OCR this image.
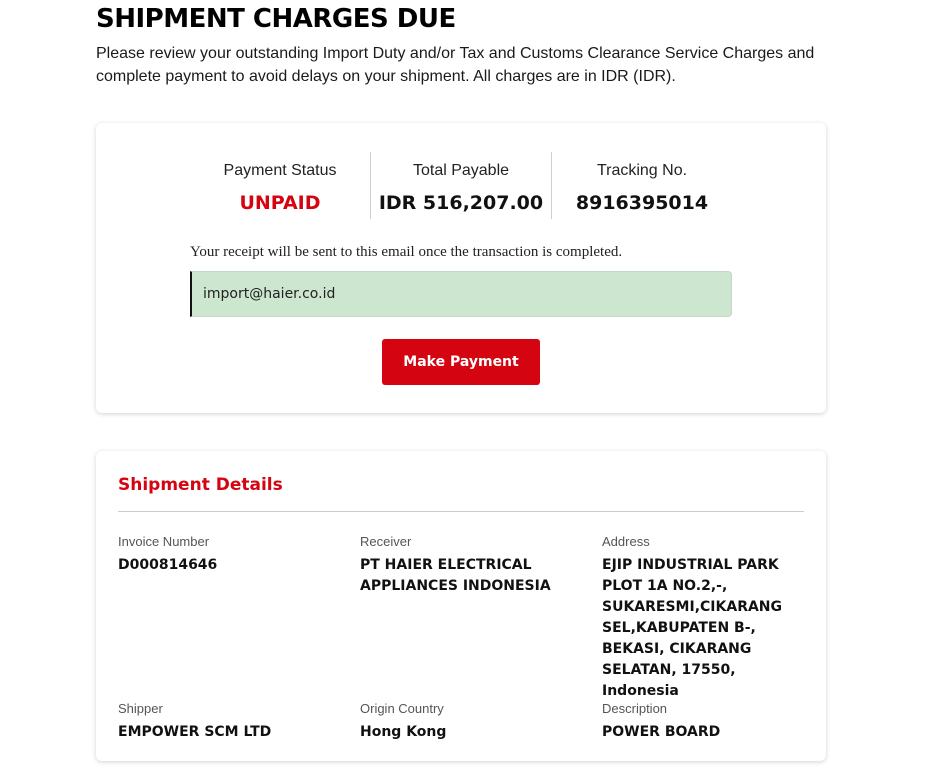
SHIPMENT CHARGES DUE

Please review your outstanding Import Duty and/or Tax and Customs Clearance Service Charges and complete payment to avoid delays on your shipment. All charges are in IDR (IDR).

Payment Status
UNPAID
Total Payable
IDR 516,207.00
Tracking No.
8916395014

Your receipt will be sent to this email once the transaction is completed.

import@haier.co.id
Make Payment
Shipment Details
Invoice Number
D000814646
Receiver
PT HAIER ELECTRICAL APPLIANCES INDONESIA
Address
EJIP INDUSTRIAL PARK PLOT 1A NO.2,-, SUKARESMI,CIKARANG SEL,KABUPATEN B-, BEKASI, CIKARANG SELATAN, 17550, Indonesia
Shipper
EMPOWER SCM LTD
Origin Country
Hong Kong
Description
POWER BOARD
